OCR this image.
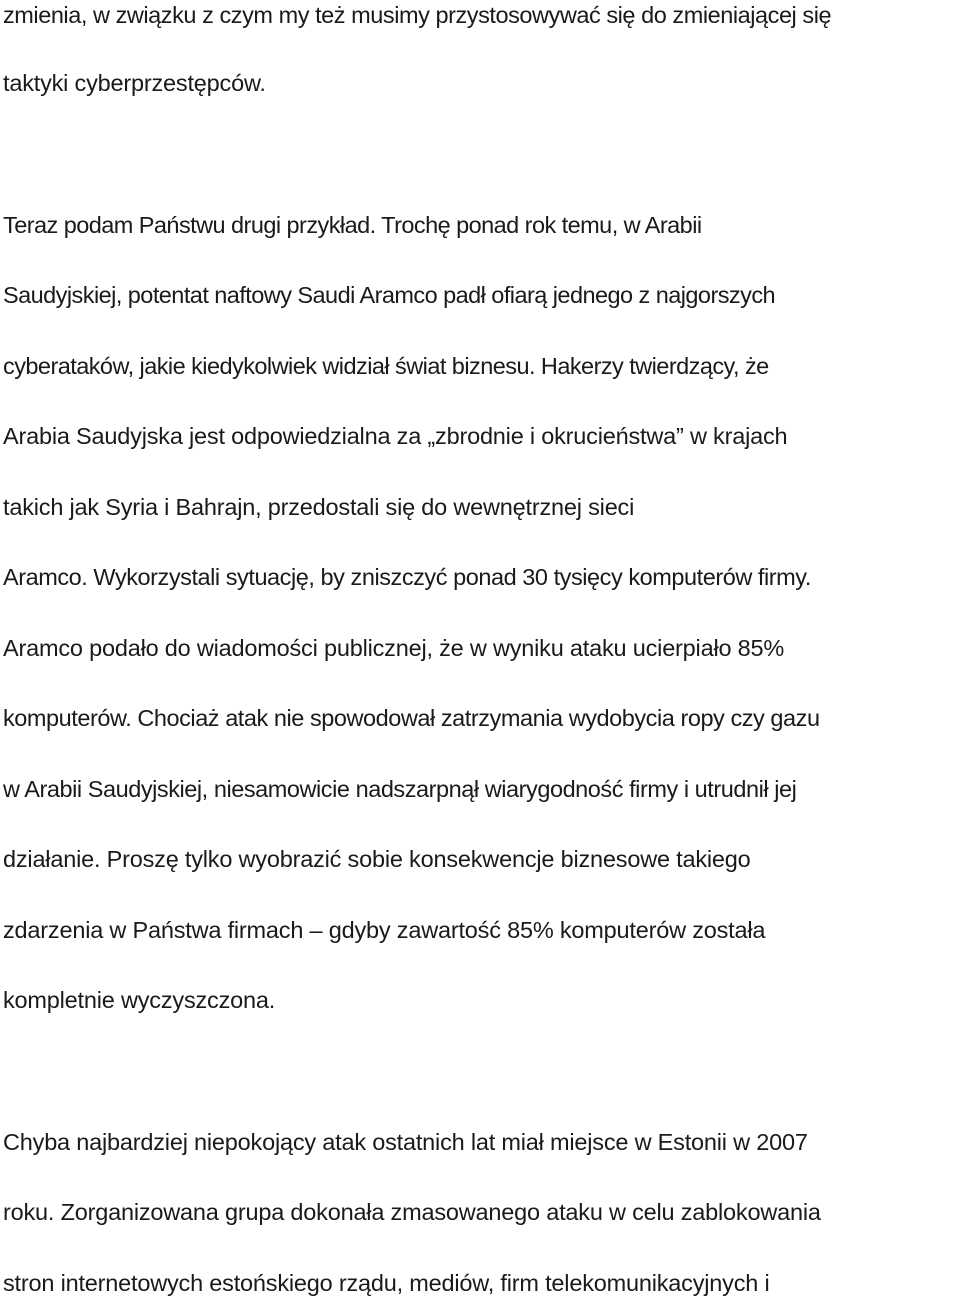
zmienia, w związku z czym my też musimy przystosowywać się do zmieniającej się
taktyki cyberprzestępców.
Teraz podam Państwu drugi przykład. Trochę ponad rok temu, w Arabii
Saudyjskiej, potentat naftowy Saudi Aramco padł ofiarą jednego z najgorszych
cyberataków, jakie kiedykolwiek widział świat biznesu. Hakerzy twierdzący, że
Arabia Saudyjska jest odpowiedzialna za „zbrodnie i okrucieństwa” w krajach
takich jak Syria i Bahrajn, przedostali się do wewnętrznej sieci
Aramco. Wykorzystali sytuację, by zniszczyć ponad 30 tysięcy komputerów firmy.
Aramco podało do wiadomości publicznej, że w wyniku ataku ucierpiało 85%
komputerów. Chociaż atak nie spowodował zatrzymania wydobycia ropy czy gazu
w Arabii Saudyjskiej, niesamowicie nadszarpnął wiarygodność firmy i utrudnił jej
działanie. Proszę tylko wyobrazić sobie konsekwencje biznesowe takiego
zdarzenia w Państwa firmach – gdyby zawartość 85% komputerów została
kompletnie wyczyszczona.
Chyba najbardziej niepokojący atak ostatnich lat miał miejsce w Estonii w 2007
roku. Zorganizowana grupa dokonała zmasowanego ataku w celu zablokowania
stron internetowych estońskiego rządu, mediów, firm telekomunikacyjnych i
